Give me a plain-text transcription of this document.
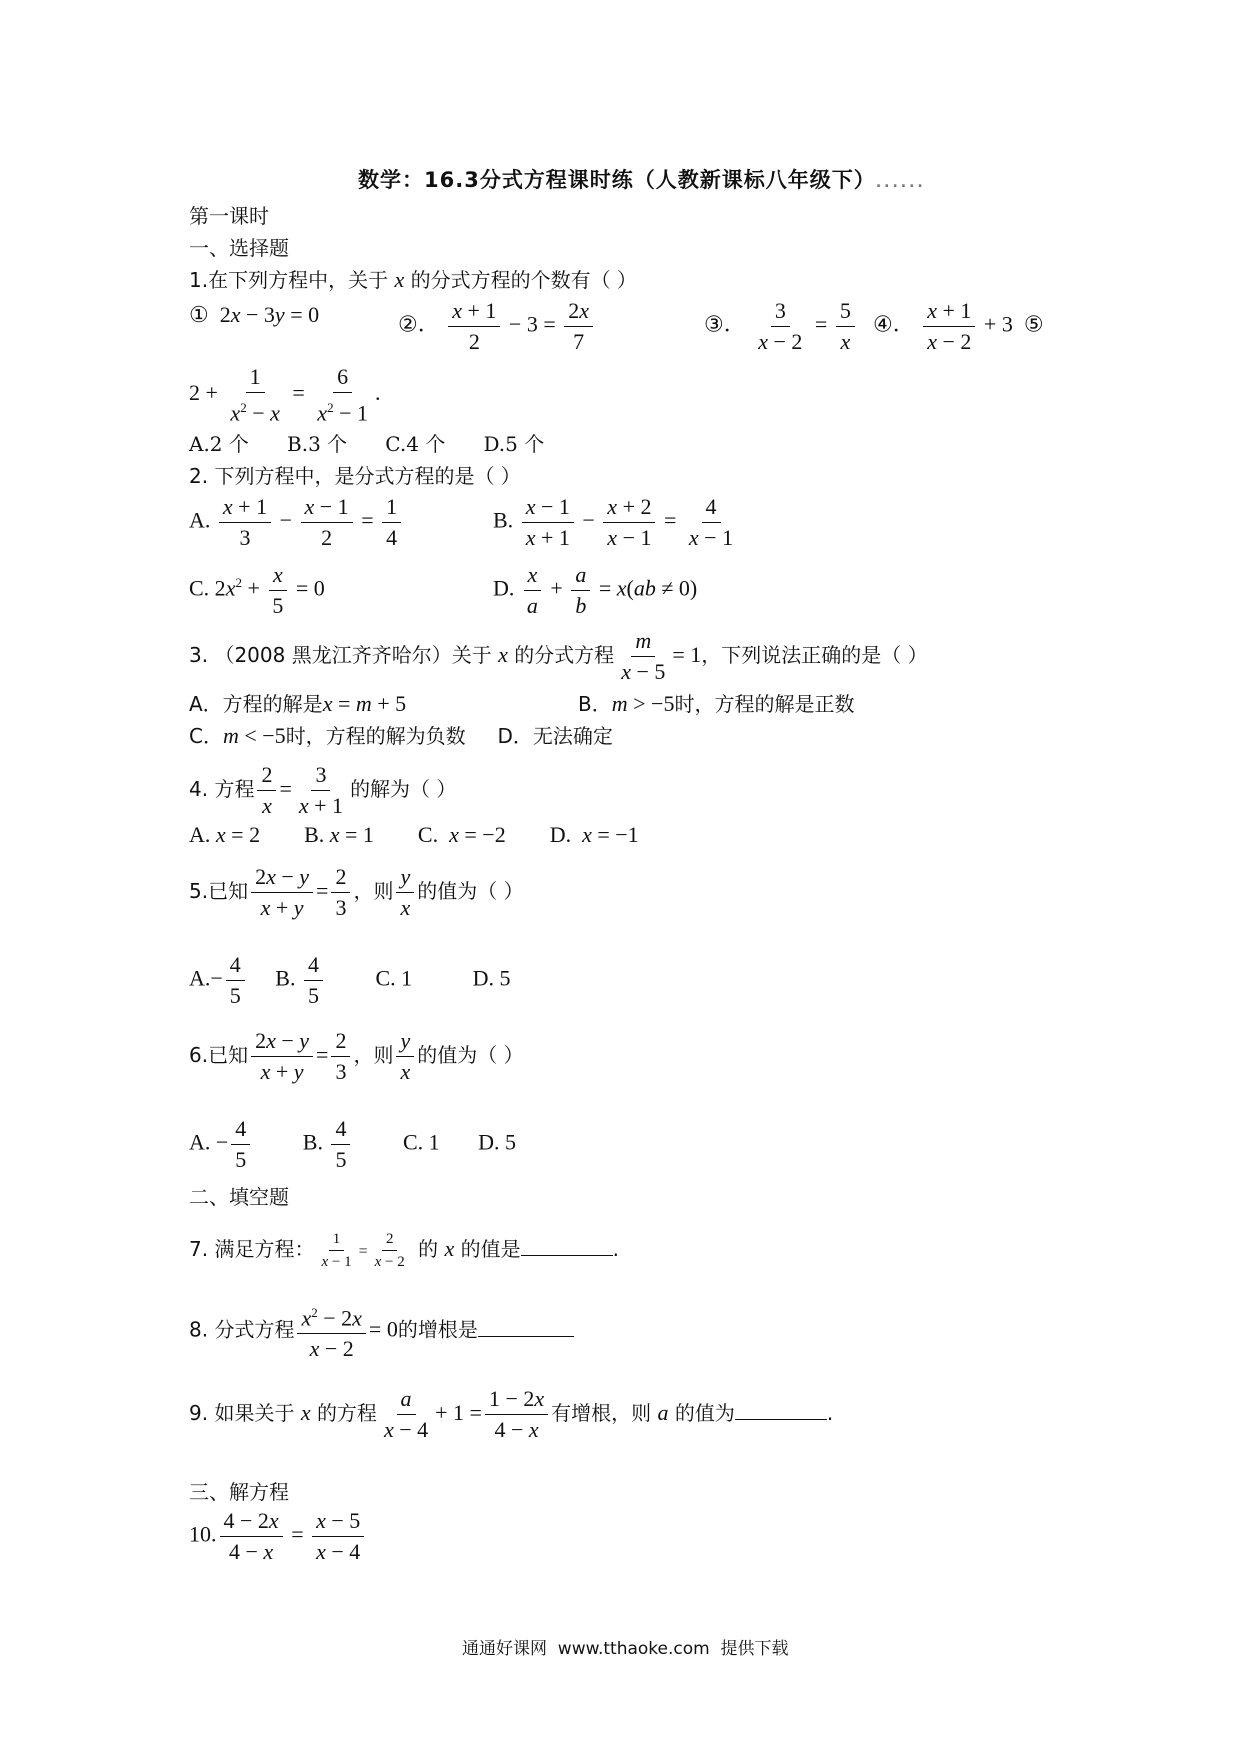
数学：16.3分式方程课时练（人教新课标八年级下）......
第一课时
一、选择题
1.在下列方程中，关于 x 的分式方程的个数有（ ）
①  2x − 3y = 0	②． $\frac{x + 1}{2} - 3 = \frac{2x}{7}$	③． $\frac{3}{x - 2} = \frac{5}{x}$ ④． $\frac{x + 1}{x - 2} + 3$  ⑤
$2 + \frac{1}{x^2 - x} = \frac{6}{x^2 - 1}$ .
A.2 个      B.3 个      C.4 个      D.5 个
2. 下列方程中，是分式方程的是（ ）
A. $\frac{x + 1}{3} - \frac{x - 1}{2} = \frac{1}{4}$	B. $\frac{x - 1}{x + 1} - \frac{x + 2}{x - 1} = \frac{4}{x - 1}$
C. $2x^2 + \frac{x}{5} = 0$	D. $\frac{x}{a} + \frac{a}{b} = x(ab \ne 0)$
3. （2008 黑龙江齐齐哈尔）关于 x 的分式方程 $\frac{m}{x - 5} = 1$，下列说法正确的是（ ）
A．方程的解是x = m + 5	B．m > −5时，方程的解是正数
C．m < −5时，方程的解为负数 D．无法确定
4. 方程 $\frac{2}{x} = \frac{3}{x + 1}$ 的解为（ ）
A. x = 2        B. x = 1        C.  x = −2        D.  x = −1
5.已知 $\frac{2x - y}{x + y} = \frac{2}{3}$ ，则 $\frac{y}{x}$ 的值为（ ）
$A.- \frac{4}{5} B$. $\frac{4}{5} C$. 1	D. 5
6.已知 $\frac{2x - y}{x + y} = \frac{2}{3}$ ，则 $\frac{y}{x}$ 的值为（ ）
A. − $\frac{4}{5} B$. $\frac{4}{5} C$. 1 D. 5
二、填空题
7. 满足方程： $\frac{1}{x - 1} = \frac{2}{x - 2}$ 的 x 的值是	.
8. 分式方程 $\frac{x^2 - 2x}{x - 2} = 0$的增根是
9. 如果关于 x 的方程 $\frac{a}{x - 4} + 1 = \frac{1 - 2x}{4 - x}$ 有增根，则 a 的值为	.
三、解方程
10. $\frac{4 - 2x}{4 - x} = \frac{x - 5}{x - 4}$
通通好课网  www.tthaoke.com  提供下载
